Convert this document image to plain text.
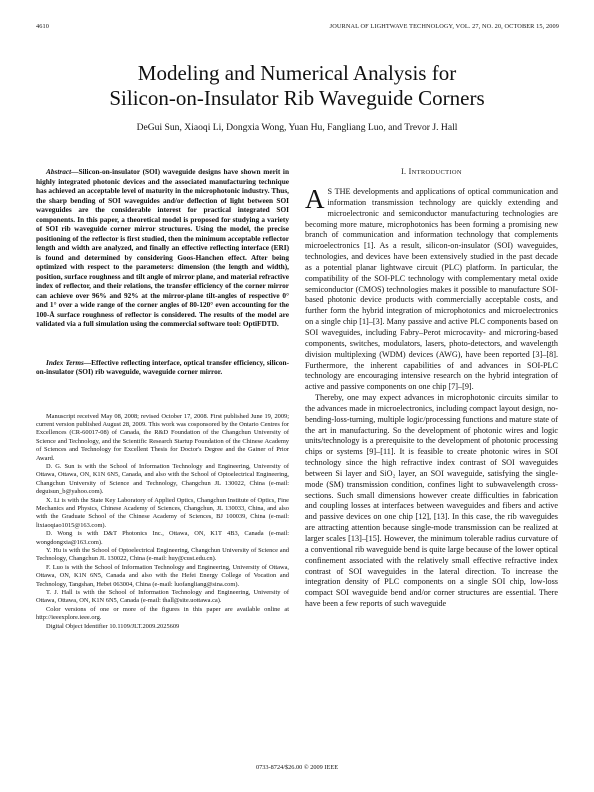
4610	JOURNAL OF LIGHTWAVE TECHNOLOGY, VOL. 27, NO. 20, OCTOBER 15, 2009
Modeling and Numerical Analysis for
Silicon-on-Insulator Rib Waveguide Corners
DeGui Sun, Xiaoqi Li, Dongxia Wong, Yuan Hu, Fangliang Luo, and Trevor J. Hall

Abstract—Silicon-on-insulator (SOI) waveguide designs have shown merit in highly integrated photonic devices and the associated manufacturing technique has achieved an acceptable level of maturity in the microphotonic industry. Thus, the sharp bending of SOI waveguides and/or deflection of light between SOI waveguides are the considerable interest for practical integrated SOI components. In this paper, a theoretical model is proposed for studying a variety of SOI rib waveguide corner mirror structures. Using the model, the precise positioning of the reflector is first studied, then the minimum acceptable reflector length and width are analyzed, and finally an effective reflecting interface (ERI) is found and determined by considering Goos-Hanchen effect. After being optimized with respect to the parameters: dimension (the length and width), position, surface roughness and tilt angle of mirror plane, and material refractive index of reflector, and their relations, the transfer efficiency of the corner mirror can achieve over 96% and 92% at the mirror-plane tilt-angles of respective 0° and 1° over a wide range of the corner angles of 80-120° even accounting for the 100-Å surface roughness of reflector is considered. The results of the model are validated via a full simulation using the commercial software tool: OptiFDTD.

Index Terms—Effective reflecting interface, optical transfer efficiency, silicon-on-insulator (SOI) rib waveguide, waveguide corner mirror.

Manuscript received May 08, 2008; revised October 17, 2008. First published June 19, 2009; current version published August 28, 2009. This work was cosponsored by the Ontario Centres for Excellences (CR-60017-08) of Canada, the R&D Foundation of the Changchun University of Science and Technology, and the Scientific Research Startup Foundation of the Chinese Academy of Sciences and Technology for Excellent Thesis for Doctor's Degree and the Gainer of Prior Award.

D. G. Sun is with the School of Information Technology and Engineering, University of Ottawa, Ottawa, ON, K1N 6N5, Canada, and also with the School of Optoelectrical Engineering, Changchun University of Science and Technology, Changchun JL 130022, China (e-mail: deguisun_b@yahoo.com).

X. Li is with the State Key Laboratory of Applied Optics, Changchun Institute of Optics, Fine Mechanics and Physics, Chinese Academy of Sciences, Changchun, JL 130033, China, and also with the Graduate School of the Chinese Academy of Sciences, BJ 100039, China (e-mail: lixiaoqiao1015@163.com).

D. Wong is with D&T Photonics Inc., Ottawa, ON, K1T 4B3, Canada (e-mail: wongdongxia@163.com).

Y. Hu is with the School of Optoelectrical Engineering, Changchun University of Science and Technology, Changchun JL 130022, China (e-mail: huy@cust.edu.cn).

F. Luo is with the School of Information Technology and Engineering, University of Ottawa, Ottawa, ON, K1N 6N5, Canada and also with the Hefei Energy College of Vocation and Technology, Tangshan, Hebei 063004, China (e-mail: luofangliang@sina.com).

T. J. Hall is with the School of Information Technology and Engineering, University of Ottawa, Ottawa, ON, K1N 6N5, Canada (e-mail: thall@site.uottawa.ca).

Color versions of one or more of the figures in this paper are available online at http://ieeexplore.ieee.org.

Digital Object Identifier 10.1109/JLT.2009.2025609

I. INTRODUCTION

A S THE developments and applications of optical communication and information transmission technology are quickly extending and microelectronic and semiconductor manufacturing technologies are becoming more mature, microphotonics has been forming a promising new branch of communication and information technology that complements microelectronics [1]. As a result, silicon-on-insulator (SOI) waveguides, technologies, and devices have been extensively studied in the past decade as a potential planar lightwave circuit (PLC) platform. In particular, the compatibility of the SOI-PLC technology with complementary metal oxide semiconductor (CMOS) technologies makes it possible to manufacture SOI-based photonic device products with commercially acceptable costs, and further form the hybrid integration of microphotonics and microelectronics on a single chip [1]–[3]. Many passive and active PLC components based on SOI waveguides, including Fabry–Perot microcavity- and microring-based components, switches, modulators, lasers, photo-detectors, and wavelength division multiplexing (WDM) devices (AWG), have been reported [3]–[8]. Furthermore, the inherent capabilities of and advances in SOI-PLC technology are encouraging intensive research on the hybrid integration of active and passive components on one chip [7]–[9].

Thereby, one may expect advances in microphotonic circuits similar to the advances made in microelectronics, including compact layout design, no-bending-loss-turning, multiple logic/processing functions and mature state of the art in manufacturing. So the development of photonic wires and logic units/technology is a prerequisite to the development of photonic processing chips or systems [9]–[11]. It is feasible to create photonic wires in SOI technology since the high refractive index contrast of SOI waveguides between Si layer and SiO₂ layer, an SOI waveguide, satisfying the single-mode (SM) transmission condition, confines light to subwavelength cross-sections. Such small dimensions however create difficulties in fabrication and coupling losses at interfaces between waveguides and fibers and active and passive devices on one chip [12], [13]. In this case, the rib waveguides are attracting attention because single-mode transmission can be realized at larger scales [13]–[15]. However, the minimum tolerable radius curvature of a conventional rib waveguide bend is quite large because of the lower optical confinement associated with the relatively small effective refractive index contrast of SOI waveguides in the lateral direction. To increase the integration density of PLC components on a single SOI chip, low-loss compact SOI waveguide bend and/or corner structures are essential. There have been a few reports of such waveguide

0733-8724/$26.00 © 2009 IEEE
